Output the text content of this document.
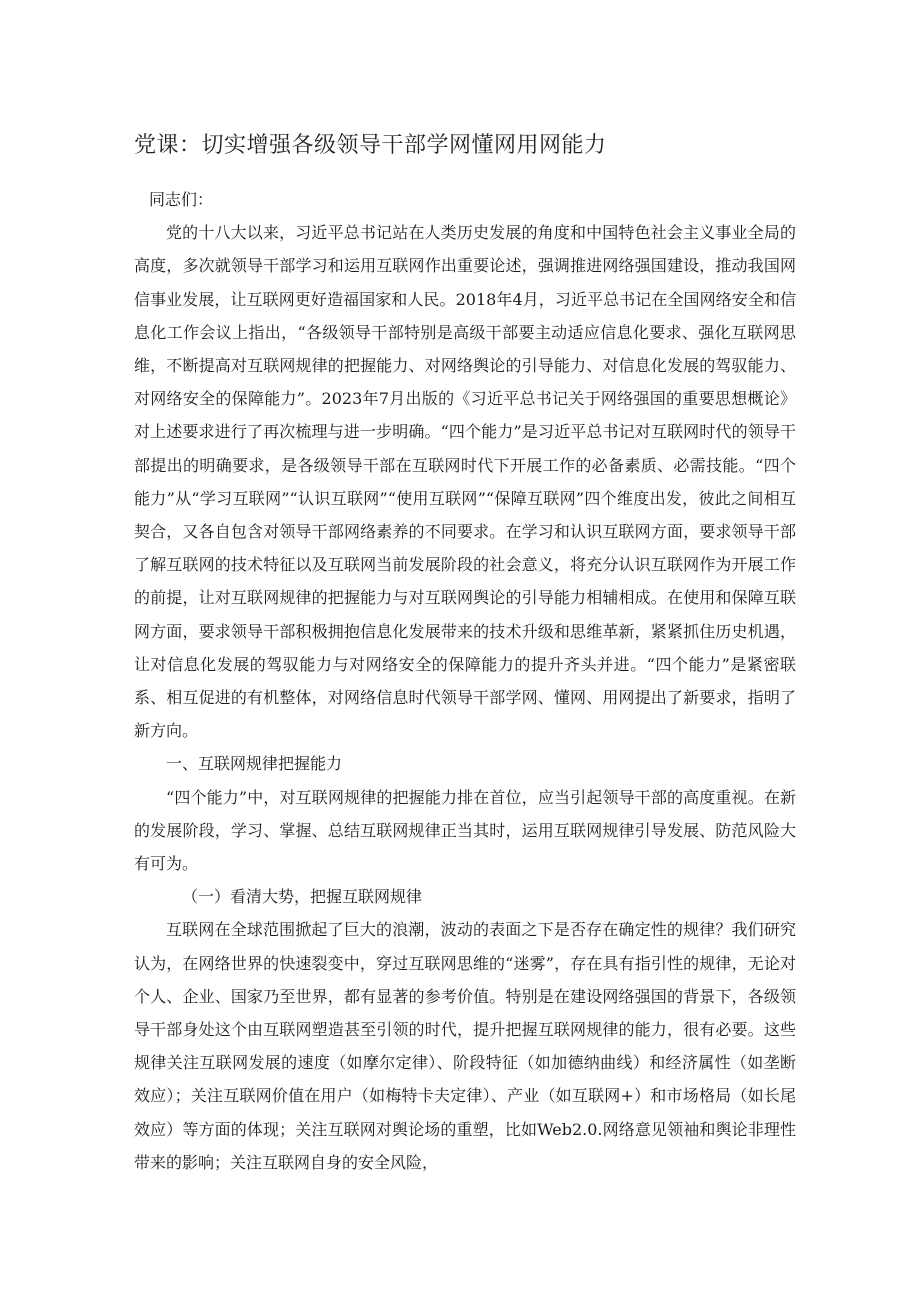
党课：切实增强各级领导干部学网懂网用网能力

同志们：

党的十八大以来，习近平总书记站在人类历史发展的角度和中国特色社会主义事业全局的高度，多次就领导干部学习和运用互联网作出重要论述，强调推进网络强国建设，推动我国网信事业发展，让互联网更好造福国家和人民。2018年4月，习近平总书记在全国网络安全和信息化工作会议上指出，“各级领导干部特别是高级干部要主动适应信息化要求、强化互联网思维，不断提高对互联网规律的把握能力、对网络舆论的引导能力、对信息化发展的驾驭能力、对网络安全的保障能力”。2023年7月出版的《习近平总书记关于网络强国的重要思想概论》对上述要求进行了再次梳理与进一步明确。“四个能力”是习近平总书记对互联网时代的领导干部提出的明确要求，是各级领导干部在互联网时代下开展工作的必备素质、必需技能。“四个能力”从“学习互联网”“认识互联网”“使用互联网”“保障互联网”四个维度出发，彼此之间相互契合，又各自包含对领导干部网络素养的不同要求。在学习和认识互联网方面，要求领导干部了解互联网的技术特征以及互联网当前发展阶段的社会意义，将充分认识互联网作为开展工作的前提，让对互联网规律的把握能力与对互联网舆论的引导能力相辅相成。在使用和保障互联网方面，要求领导干部积极拥抱信息化发展带来的技术升级和思维革新，紧紧抓住历史机遇，让对信息化发展的驾驭能力与对网络安全的保障能力的提升齐头并进。“四个能力”是紧密联系、相互促进的有机整体，对网络信息时代领导干部学网、懂网、用网提出了新要求，指明了新方向。

一、互联网规律把握能力

“四个能力”中，对互联网规律的把握能力排在首位，应当引起领导干部的高度重视。在新的发展阶段，学习、掌握、总结互联网规律正当其时，运用互联网规律引导发展、防范风险大有可为。

（一）看清大势，把握互联网规律

互联网在全球范围掀起了巨大的浪潮，波动的表面之下是否存在确定性的规律？我们研究认为，在网络世界的快速裂变中，穿过互联网思维的“迷雾”，存在具有指引性的规律，无论对个人、企业、国家乃至世界，都有显著的参考价值。特别是在建设网络强国的背景下，各级领导干部身处这个由互联网塑造甚至引领的时代，提升把握互联网规律的能力，很有必要。这些规律关注互联网发展的速度（如摩尔定律）、阶段特征（如加德纳曲线）和经济属性（如垄断效应）；关注互联网价值在用户（如梅特卡夫定律）、产业（如互联网+）和市场格局（如长尾效应）等方面的体现；关注互联网对舆论场的重塑，比如Web2.0.网络意见领袖和舆论非理性带来的影响；关注互联网自身的安全风险，
